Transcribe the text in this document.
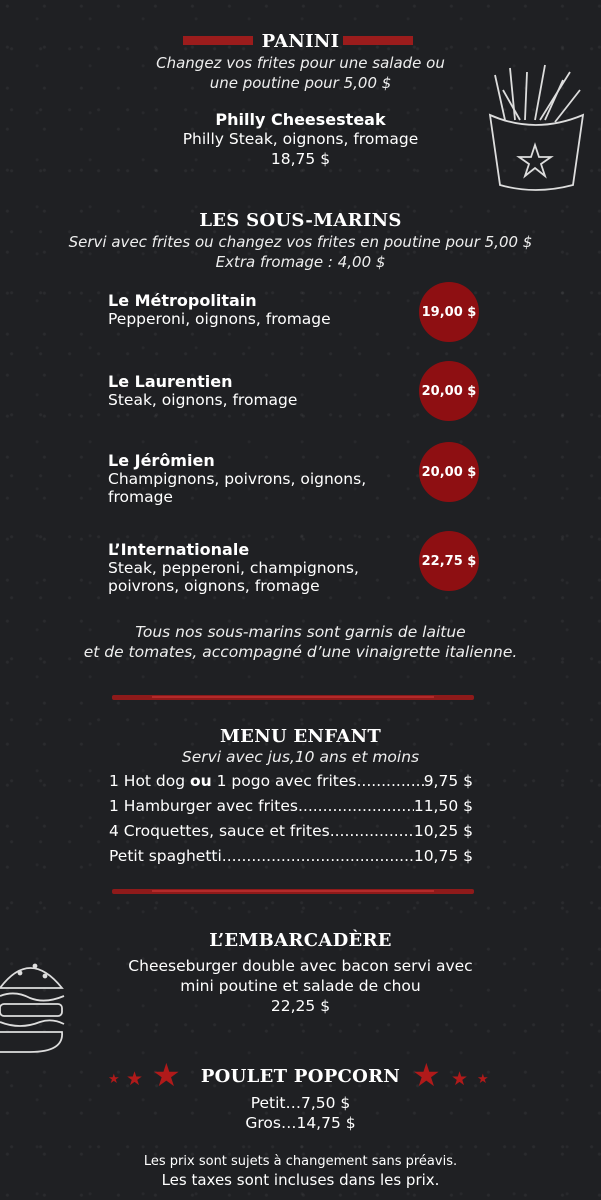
PANINI
Changez vos frites pour une salade ou
une poutine pour 5,00 $
Philly Cheesesteak
Philly Steak, oignons, fromage
18,75 $
LES SOUS-MARINS
Servi avec frites ou changez vos frites en poutine pour 5,00 $
Extra fromage : 4,00 $
Le Métropolitain
Pepperoni, oignons, fromage	19,00 $
Le Laurentien
Steak, oignons, fromage	20,00 $
Le Jérômien
Champignons, poivrons, oignons,
fromage
20,00 $
L’Internationale
Steak, pepperoni, champignons,
poivrons, oignons, fromage
22,75 $
Tous nos sous-marins sont garnis de laitue
et de tomates, accompagné d’une vinaigrette italienne.
MENU ENFANT
Servi avec jus,10 ans et moins
1 Hot dog ou 1 pogo avec frites .....	9,75 $
1 Hamburger avec frites .....	11,50 $
4 Croquettes, sauce et frites .....	10,25 $
Petit spaghetti .....	10,75 $
L’EMBARCADÈRE
Cheeseburger double avec bacon servi avec
mini poutine et salade de chou
22,25 $
★ ★ ★	★ ★ ★
POULET POPCORN
Petit…7,50 $
Gros…14,75 $
Les prix sont sujets à changement sans préavis.
Les taxes sont incluses dans les prix.
